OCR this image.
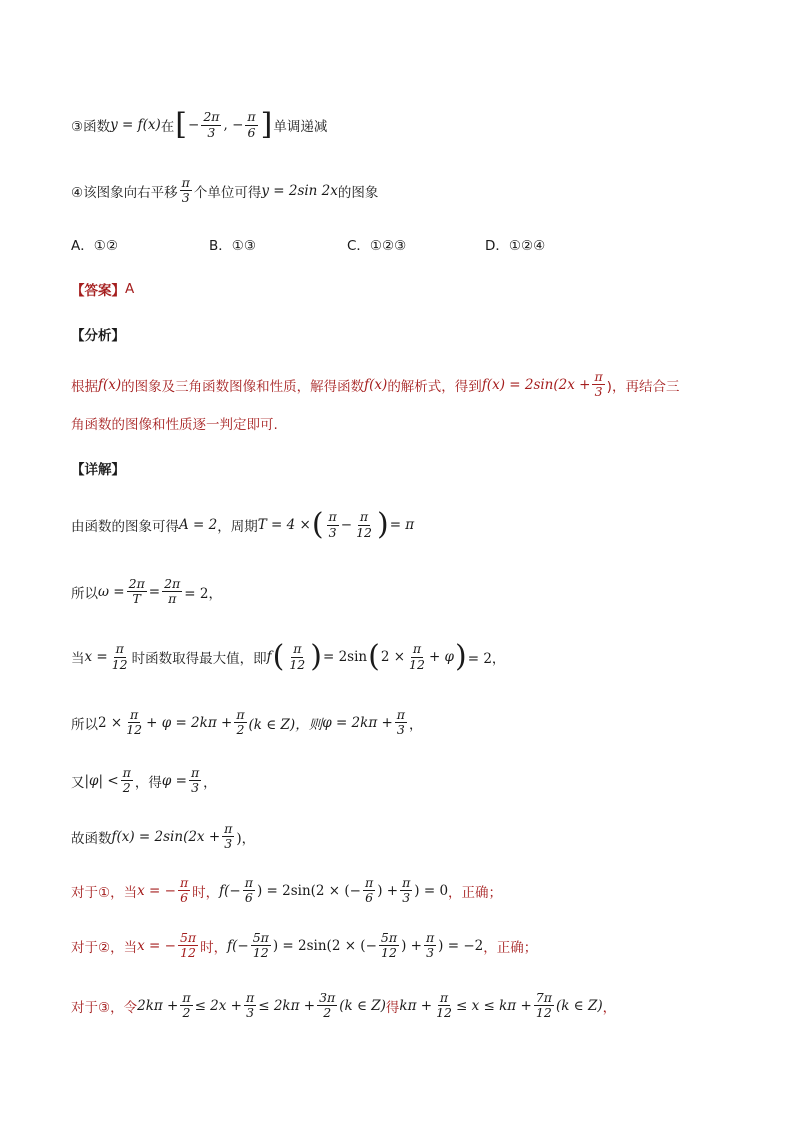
③函数 y = f(x) 在 [ − $\frac{2\pi}{3}$ , − $\frac{\pi}{6}$ ] 单调递减
④该图象向右平移 $\frac{\pi}{3}$ 个单位可得 y = 2sin 2x 的图象
A．①②	B．①③	C．①②③	D．①②④
【答案】 A
【分析】
根据 f(x) 的图象及三角函数图像和性质，解得函数 f(x) 的解析式，得到 $f(x) = 2\sin(2x + \frac{\pi}{3}$ )，再结合三
角函数的图像和性质逐一判定即可.
【详解】
由函数的图象可得 A = 2 ，周期 T = 4 × ( $\frac{\pi}{3} - \frac{\pi}{12}$ ) = π
所以 $\omega = \frac{2\pi}{T} = \frac{2\pi}{\pi} = 2$，
当 $x = \frac{\pi}{12}$ 时函数取得最大值，即 f ( $\frac{\pi}{12}$ ) = 2sin ( $2 \times \frac{\pi}{12} + \varphi$ ) = 2，
所以 $2 \times \frac{\pi}{12} + \varphi = 2k\pi + \frac{\pi}{2} (k$ ∈ Z)，则 $\varphi = 2k\pi + \frac{\pi}{3}$ ，
又 $|\varphi| < \frac{\pi}{2}$ ，得 $\varphi = \frac{\pi}{3}$ ，
故函数 $f(x) = 2\sin(2x + \frac{\pi}{3}$ )，
对于①，当 x = − $\frac{\pi}{6}$ 时， $f(- \frac{\pi}{6}$ ) = 2sin(2 × (− $\frac{\pi}{6}$ ) + $\frac{\pi}{3}$ ) = 0 ，正确；
对于②，当 x = − $\frac{5\pi}{12}$ 时， $f(- \frac{5\pi}{12}$ ) = 2sin(2 × (− $\frac{5\pi}{12}$ ) + $\frac{\pi}{3}$ ) = −2 ，正确；
对于③，令 $2k\pi + \frac{\pi}{2} \le 2x + \frac{\pi}{3} \le 2k\pi + \frac{3\pi}{2} (k$ ∈ Z) 得 $k\pi + \frac{\pi}{12} \le x \le k\pi + \frac{7\pi}{12} (k$ ∈ Z) ，
